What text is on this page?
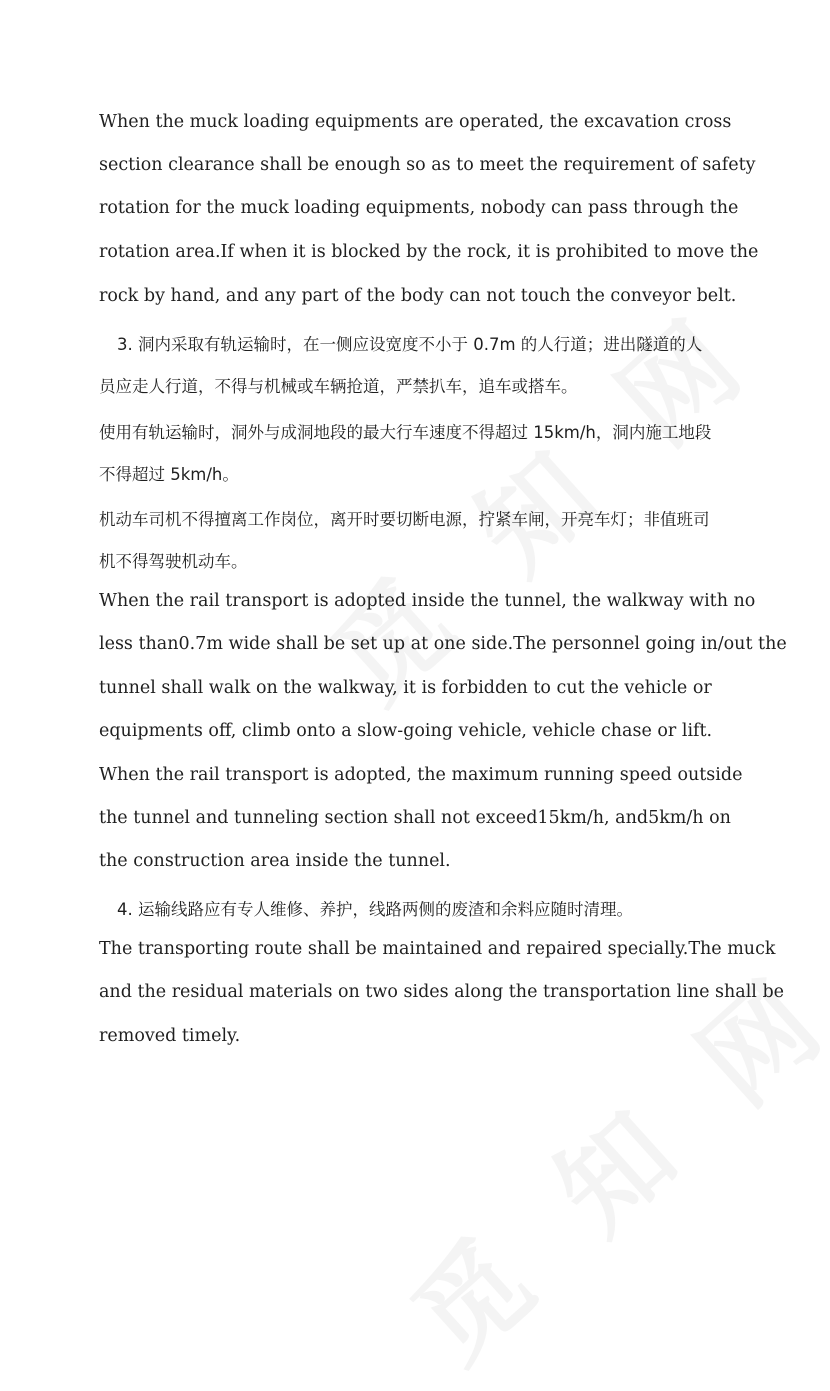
When the muck loading equipments are operated, the excavation cross
section clearance shall be enough so as to meet the requirement of safety
rotation for the muck loading equipments, nobody can pass through the
rotation area.If when it is blocked by the rock, it is prohibited to move the
rock by hand, and any part of the body can not touch the conveyor belt.
3. 洞内采取有轨运输时，在一侧应设宽度不小于 0.7m 的人行道；进出隧道的人
员应走人行道，不得与机械或车辆抢道，严禁扒车，追车或搭车。
使用有轨运输时，洞外与成洞地段的最大行车速度不得超过 15km/h，洞内施工地段
不得超过 5km/h。
机动车司机不得擅离工作岗位，离开时要切断电源，拧紧车闸，开亮车灯；非值班司
机不得驾驶机动车。
When the rail transport is adopted inside the tunnel, the walkway with no
less than0.7m wide shall be set up at one side.The personnel going in/out the
tunnel shall walk on the walkway, it is forbidden to cut the vehicle or
equipments off, climb onto a slow-going vehicle, vehicle chase or lift.
When the rail transport is adopted, the maximum running speed outside
the tunnel and tunneling section shall not exceed15km/h, and5km/h on
the construction area inside the tunnel.
4. 运输线路应有专人维修、养护，线路两侧的废渣和余料应随时清理。
The transporting route shall be maintained and repaired specially.The muck
and the residual materials on two sides along the transportation line shall be
removed timely.
